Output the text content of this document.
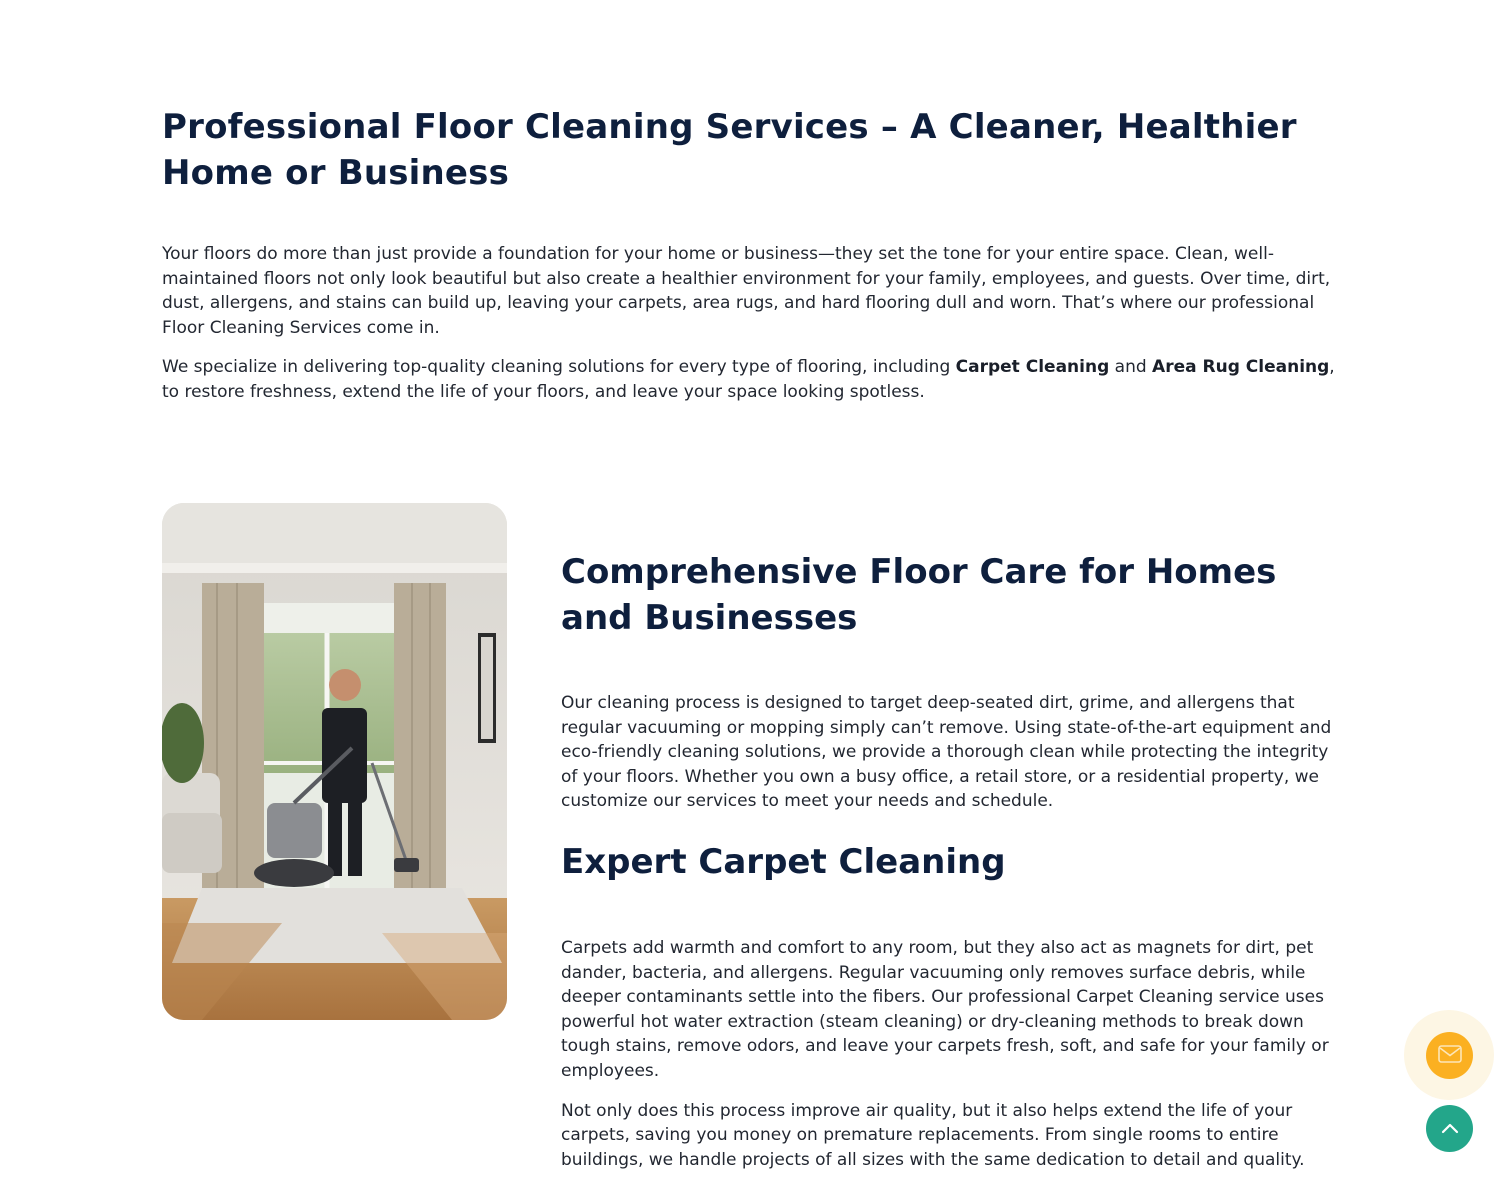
Professional Floor Cleaning Services – A Cleaner, Healthier Home or Business

Your floors do more than just provide a foundation for your home or business—they set the tone for your entire space. Clean, well-maintained floors not only look beautiful but also create a healthier environment for your family, employees, and guests. Over time, dirt, dust, allergens, and stains can build up, leaving your carpets, area rugs, and hard flooring dull and worn. That’s where our professional Floor Cleaning Services come in.

We specialize in delivering top-quality cleaning solutions for every type of flooring, including Carpet Cleaning and Area Rug Cleaning, to restore freshness, extend the life of your floors, and leave your space looking spotless.

Comprehensive Floor Care for Homes and Businesses

Our cleaning process is designed to target deep-seated dirt, grime, and allergens that regular vacuuming or mopping simply can’t remove. Using state-of-the-art equipment and eco-friendly cleaning solutions, we provide a thorough clean while protecting the integrity of your floors. Whether you own a busy office, a retail store, or a residential property, we customize our services to meet your needs and schedule.

Expert Carpet Cleaning

Carpets add warmth and comfort to any room, but they also act as magnets for dirt, pet dander, bacteria, and allergens. Regular vacuuming only removes surface debris, while deeper contaminants settle into the fibers. Our professional Carpet Cleaning service uses powerful hot water extraction (steam cleaning) or dry-cleaning methods to break down tough stains, remove odors, and leave your carpets fresh, soft, and safe for your family or employees.

Not only does this process improve air quality, but it also helps extend the life of your carpets, saving you money on premature replacements. From single rooms to entire buildings, we handle projects of all sizes with the same dedication to detail and quality.
